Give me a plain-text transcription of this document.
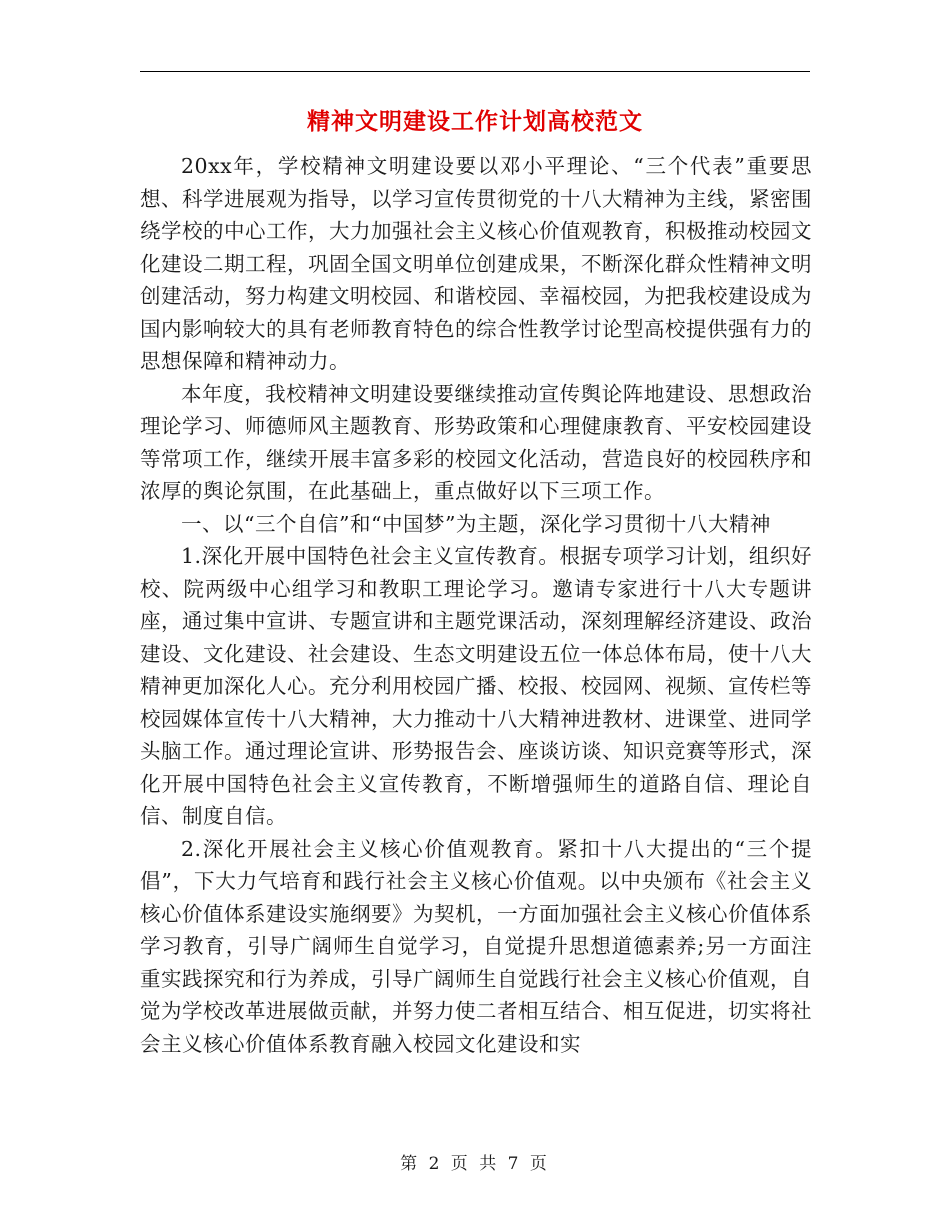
精神文明建设工作计划高校范文

20xx年，学校精神文明建设要以邓小平理论、“三个代表”重要思想、科学进展观为指导，以学习宣传贯彻党的十八大精神为主线，紧密围绕学校的中心工作，大力加强社会主义核心价值观教育，积极推动校园文化建设二期工程，巩固全国文明单位创建成果，不断深化群众性精神文明创建活动，努力构建文明校园、和谐校园、幸福校园，为把我校建设成为国内影响较大的具有老师教育特色的综合性教学讨论型高校提供强有力的思想保障和精神动力。

本年度，我校精神文明建设要继续推动宣传舆论阵地建设、思想政治理论学习、师德师风主题教育、形势政策和心理健康教育、平安校园建设等常项工作，继续开展丰富多彩的校园文化活动，营造良好的校园秩序和浓厚的舆论氛围，在此基础上，重点做好以下三项工作。

一、以“三个自信”和“中国梦”为主题，深化学习贯彻十八大精神

1.深化开展中国特色社会主义宣传教育。根据专项学习计划，组织好校、院两级中心组学习和教职工理论学习。邀请专家进行十八大专题讲座，通过集中宣讲、专题宣讲和主题党课活动，深刻理解经济建设、政治建设、文化建设、社会建设、生态文明建设五位一体总体布局，使十八大精神更加深化人心。充分利用校园广播、校报、校园网、视频、宣传栏等校园媒体宣传十八大精神，大力推动十八大精神进教材、进课堂、进同学头脑工作。通过理论宣讲、形势报告会、座谈访谈、知识竞赛等形式，深化开展中国特色社会主义宣传教育，不断增强师生的道路自信、理论自信、制度自信。

2.深化开展社会主义核心价值观教育。紧扣十八大提出的“三个提倡”，下大力气培育和践行社会主义核心价值观。以中央颁布《社会主义核心价值体系建设实施纲要》为契机，一方面加强社会主义核心价值体系学习教育，引导广阔师生自觉学习，自觉提升思想道德素养;另一方面注重实践探究和行为养成，引导广阔师生自觉践行社会主义核心价值观，自觉为学校改革进展做贡献，并努力使二者相互结合、相互促进，切实将社会主义核心价值体系教育融入校园文化建设和实

第 2 页 共 7 页
